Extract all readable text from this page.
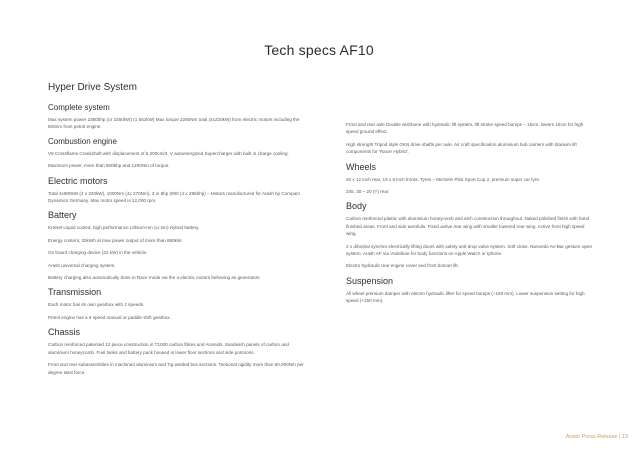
Tech specs AF10
Hyper Drive System
Complete system

Max system power 2380bhp (or 1550kW) (1 551kW) Max torque 2280Nm total (4x220kW) from electric motors including the 800nm from petrol engine.

Combustion engine

V8 Crossflame Crankshaft with displacement of 6,200cm/3. V autoenergized Supercharger with built in charge cooling.

Maximum power, more than 800bhp and 1200Nm of torque.

Electric motors

Total 4x980kW (4 x 220kW), 1000Nm (4x 270Nm), 3 in 8hp (900 (4 x 295bhp) – Motors manufactured for Arash by Compact Dynamics Germany. Max motor speed is 12,000 rpm.

Battery

Kreisel Liquid cooled, high performance Lithium-Ion (Li-Ion) Hybrid battery.

Energy content, 32kWh at max power output of more than 880kW.

On board charging device (22 kW) in the vehicle.

Arash universal charging system.

Battery charging also automatically done in Race mode via the 4 electric motors behaving as generators.

Transmission

Each motor has its own gearbox with 2 speeds.

Petrol engine has a 6 speed manual or paddle shift gearbox.

Chassis

Carbon reinforced patented 12 piece construction in T1000 carbon fibres and Aramids. Sandwich panels of carbon and aluminium honeycomb. Fuel tanks and battery pack housed in lower floor sections and side pontoons.

Front and rear subassemblies in machined aluminium and Tig welded box sections. Torsional rigidity more than 60,000Nm per degree twist force.

Front and rear axle Double wishbone with hydraulic lift system, lift stroke speed bumps – 15cm, lowers 15cm for high speed ground effect.

High strength Tripod style GKN drive shafts per axle. Air craft specification aluminium hub carriers with titanium lift components for 'Racer Hybrid'.

Wheels

20 x 12 inch rear, 19 x 9 inch fronts. Tyres – Michelin Pilot Sport Cup 2, premium super car tyre.

345, 30 – 20 (Y) rear.

Body

Carbon reinforced plastic with aluminium honeycomb and etch construction throughout. Naked polished finish with hand finished areas. Front and side aerofoils. Fixed active rear wing with smaller lowered rear wing. Active front high speed wing.

2 x dihedral synchro electrically lifting doors with safety anti-drop valve system. Soft close. Nanoedo AV-Bar gesture open system. Arash AF via Vodafone for body functions on Apple Watch or Iphone.

Electro hydraulic rear engine cover and front bonnet lift.

Suspension

All wheel premium damper with electro hydraulic lifter for speed bumps (+150 mm). Lower suspension setting for high speed (+150 mm).

Arash Press Release | 13
